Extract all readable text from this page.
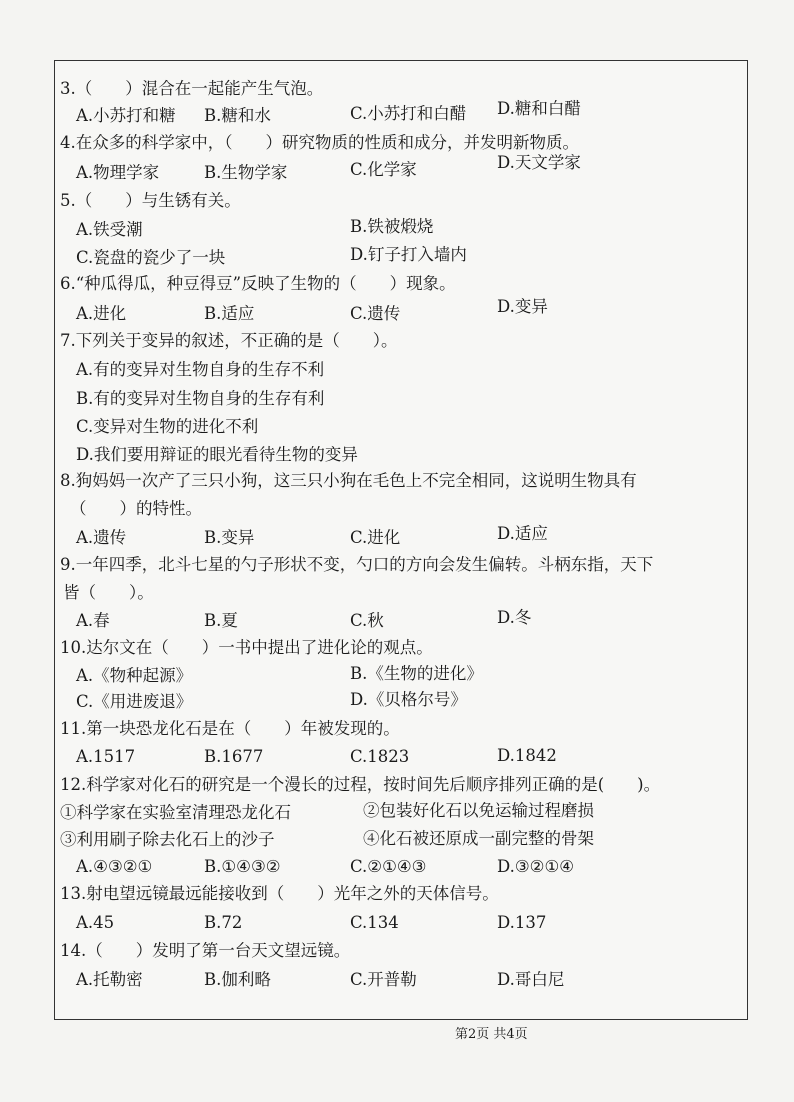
3.（　　）混合在一起能产生气泡。
A.小苏打和糖 B.糖和水	C.小苏打和白醋 D.糖和白醋
4.在众多的科学家中，（　　）研究物质的性质和成分，并发明新物质。
A.物理学家	B.生物学家	C.化学家	D.天文学家
5.（　　）与生锈有关。
A.铁受潮	B.铁被煅烧
C.瓷盘的瓷少了一块	D.钉子打入墙内
6.“种瓜得瓜，种豆得豆”反映了生物的（　　）现象。
A.进化	B.适应	C.遗传	D.变异
7.下列关于变异的叙述，不正确的是（　　）。
A.有的变异对生物自身的生存不利
B.有的变异对生物自身的生存有利
C.变异对生物的进化不利
D.我们要用辩证的眼光看待生物的变异
8.狗妈妈一次产了三只小狗，这三只小狗在毛色上不完全相同，这说明生物具有
（　　）的特性。
A.遗传	B.变异	C.进化	D.适应
9.一年四季，北斗七星的勺子形状不变，勺口的方向会发生偏转。斗柄东指，天下
皆（　　）。
A.春	B.夏	C.秋	D.冬
10.达尔文在（　　）一书中提出了进化论的观点。
A.《物种起源》	B.《生物的进化》
C.《用进废退》	D.《贝格尔号》
11.第一块恐龙化石是在（　　）年被发现的。
A.1517	B.1677	C.1823	D.1842
12.科学家对化石的研究是一个漫长的过程，按时间先后顺序排列正确的是(　　)。
①科学家在实验室清理恐龙化石	②包装好化石以免运输过程磨损
③利用刷子除去化石上的沙子	④化石被还原成一副完整的骨架
A.④③②①	B.①④③②	C.②①④③	D.③②①④
13.射电望远镜最远能接收到（　　）光年之外的天体信号。
A.45	B.72	C.134	D.137
14.（　　）发明了第一台天文望远镜。
A.托勒密	B.伽利略	C.开普勒	D.哥白尼
第2页 共4页
